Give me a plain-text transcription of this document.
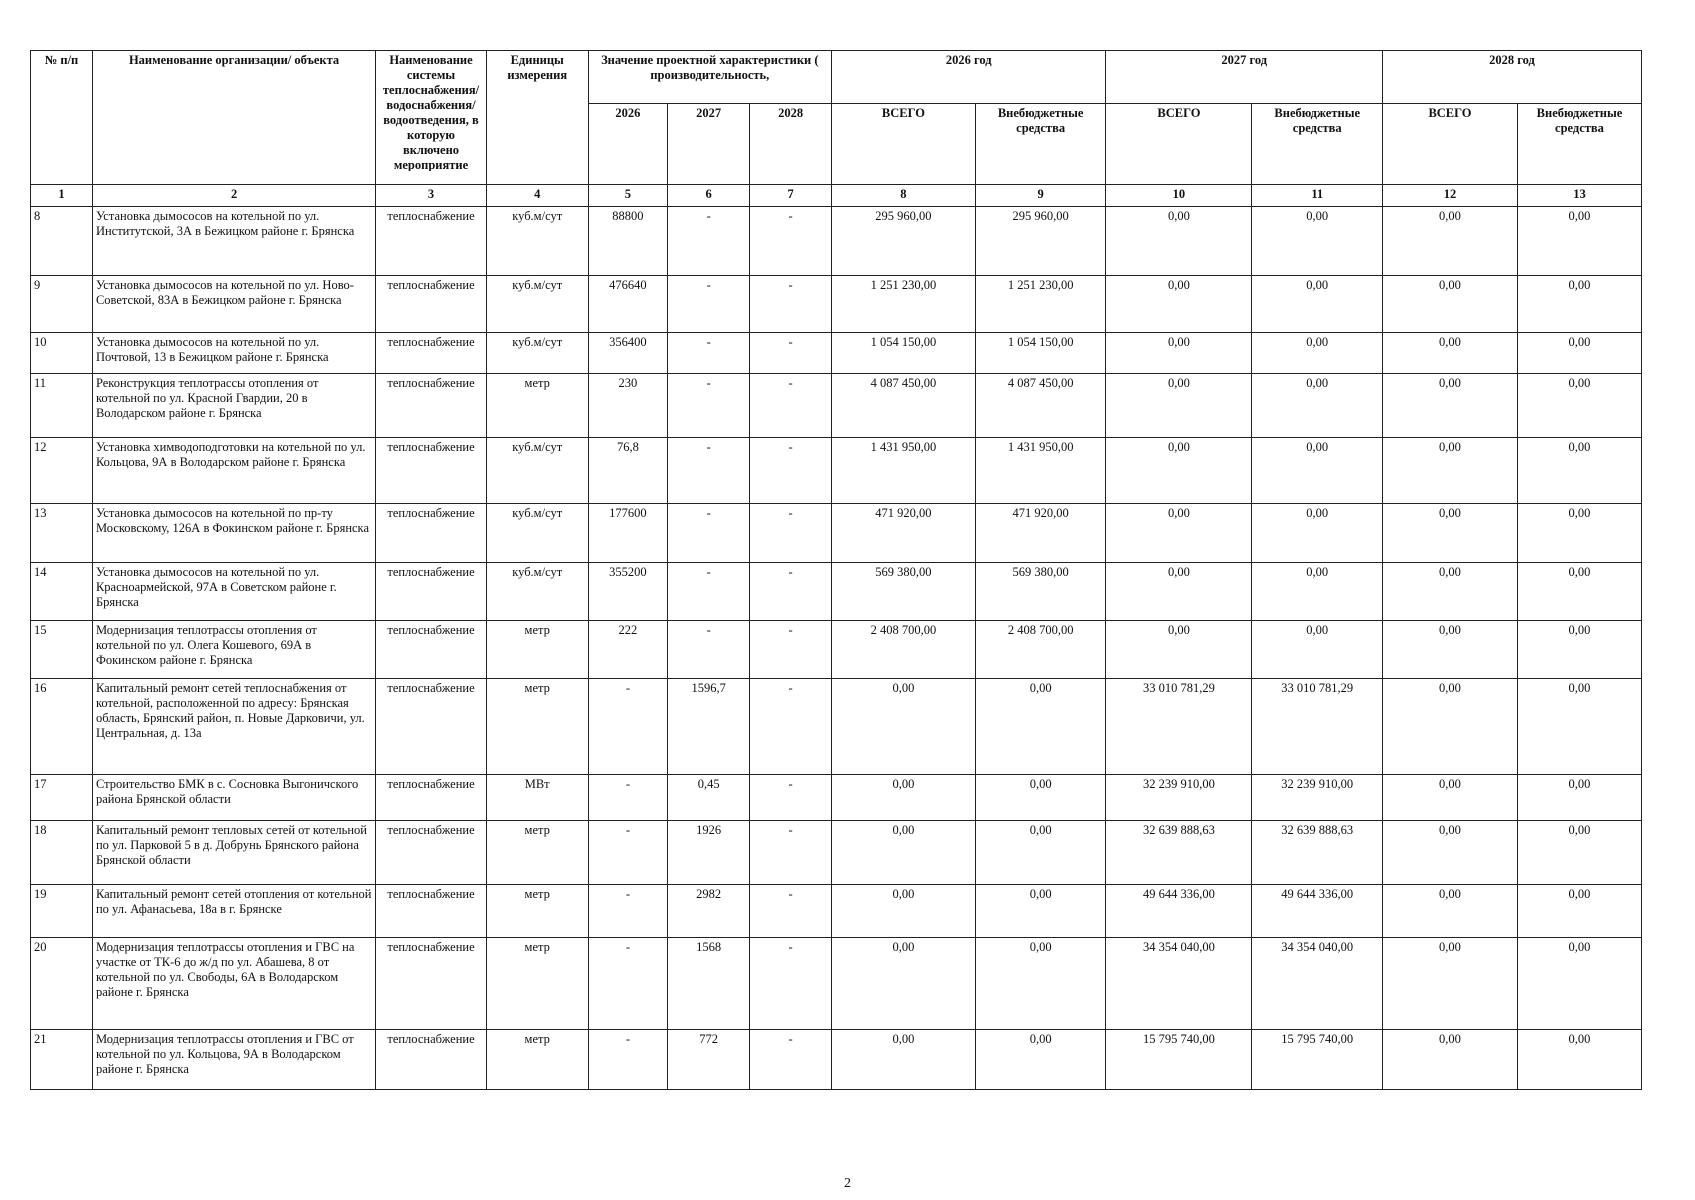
№ п/п	Наименование организации/ объекта	Наименование системы теплоснабжения/водоснабжения/водоотведения, в которую включено мероприятие	Единицы измерения	Значение проектной характеристики ( производительность,			2026 год		2027 год		2028 год	
				2026	2027	2028	ВСЕГО	Внебюджетные средства	ВСЕГО	Внебюджетные средства	ВСЕГО	Внебюджетные средства
1	2	3	4	5	6	7	8	9	10	11	12	13
8	Установка дымососов на котельной по ул. Институтской, 3А в Бежицком районе г. Брянска	теплоснабжение	куб.м/сут	88800	-	-	295 960,00	295 960,00	0,00	0,00	0,00	0,00
9	Установка дымососов на котельной по ул. Ново-Советской, 83А в Бежицком районе г. Брянска	теплоснабжение	куб.м/сут	476640	-	-	1 251 230,00	1 251 230,00	0,00	0,00	0,00	0,00
10	Установка дымососов на котельной по ул. Почтовой, 13 в Бежицком районе г. Брянска	теплоснабжение	куб.м/сут	356400	-	-	1 054 150,00	1 054 150,00	0,00	0,00	0,00	0,00
11	Реконструкция теплотрассы отопления от котельной по ул. Красной Гвардии, 20 в Володарском районе г. Брянска	теплоснабжение	метр	230	-	-	4 087 450,00	4 087 450,00	0,00	0,00	0,00	0,00
12	Установка химводоподготовки на котельной по ул. Кольцова, 9А в Володарском районе г. Брянска	теплоснабжение	куб.м/сут	76,8	-	-	1 431 950,00	1 431 950,00	0,00	0,00	0,00	0,00
13	Установка дымососов на котельной по пр-ту Московскому, 126А в Фокинском районе г. Брянска	теплоснабжение	куб.м/сут	177600	-	-	471 920,00	471 920,00	0,00	0,00	0,00	0,00
14	Установка дымососов на котельной по ул. Красноармейской, 97А в Советском районе г. Брянска	теплоснабжение	куб.м/сут	355200	-	-	569 380,00	569 380,00	0,00	0,00	0,00	0,00
15	Модернизация теплотрассы отопления от котельной по ул. Олега Кошевого, 69А в Фокинском районе г. Брянска	теплоснабжение	метр	222	-	-	2 408 700,00	2 408 700,00	0,00	0,00	0,00	0,00
16	Капитальный ремонт сетей теплоснабжения от котельной, расположенной по адресу: Брянская область, Брянский район, п. Новые Дарковичи, ул. Центральная, д. 13а	теплоснабжение	метр	-	1596,7	-	0,00	0,00	33 010 781,29	33 010 781,29	0,00	0,00
17	Строительство БМК в с. Сосновка Выгоничского района Брянской области	теплоснабжение	МВт	-	0,45	-	0,00	0,00	32 239 910,00	32 239 910,00	0,00	0,00
18	Капитальный ремонт тепловых сетей от котельной по ул. Парковой 5 в д. Добрунь Брянского района Брянской области	теплоснабжение	метр	-	1926	-	0,00	0,00	32 639 888,63	32 639 888,63	0,00	0,00
19	Капитальный ремонт сетей отопления от котельной по ул. Афанасьева, 18а в г. Брянске	теплоснабжение	метр	-	2982	-	0,00	0,00	49 644 336,00	49 644 336,00	0,00	0,00
20	Модернизация теплотрассы отопления и ГВС на участке от ТК-6 до ж/д по ул. Абашева, 8 от котельной по ул. Свободы, 6А в Володарском районе г. Брянска	теплоснабжение	метр	-	1568	-	0,00	0,00	34 354 040,00	34 354 040,00	0,00	0,00
21	Модернизация теплотрассы отопления и ГВС от котельной по ул. Кольцова, 9А в Володарском районе г. Брянска	теплоснабжение	метр	-	772	-	0,00	0,00	15 795 740,00	15 795 740,00	0,00	0,00
2
